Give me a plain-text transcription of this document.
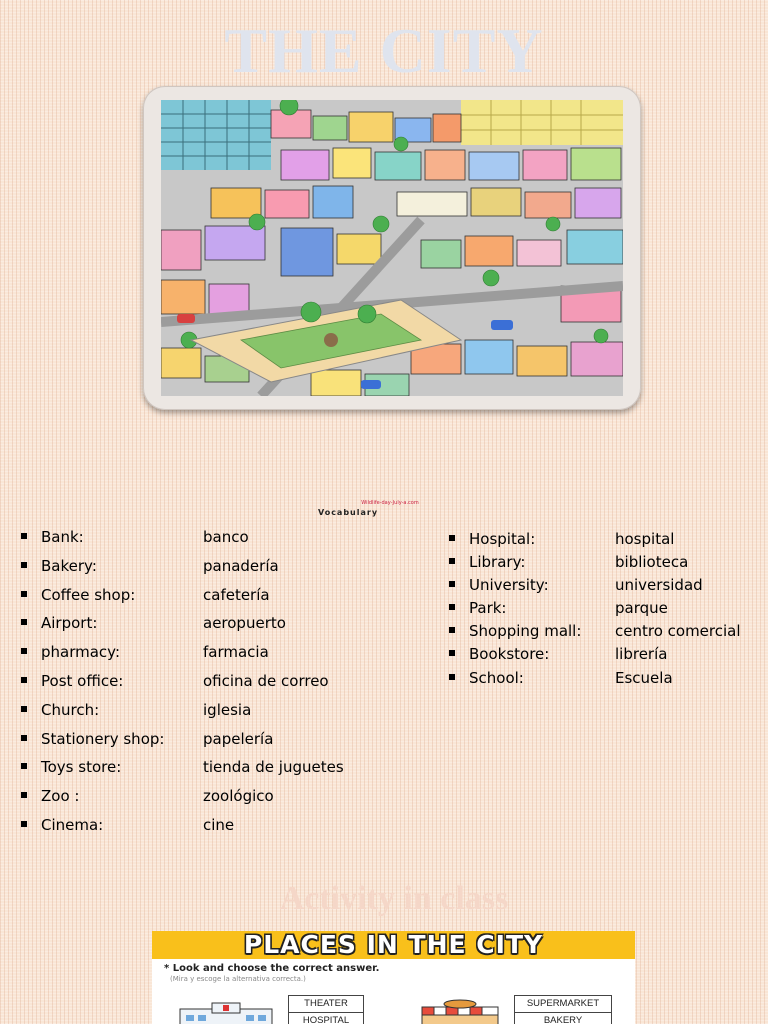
THE CITY
Wildlife-day-July-a.com
Vocabulary
Bank:	banco
Bakery:	panadería
Coffee shop:	cafetería
Airport:	aeropuerto
pharmacy:	farmacia
Post office:	oficina de correo
Church:	iglesia
Stationery shop:	papelería
Toys store:	tienda de juguetes
Zoo :	zoológico
Cinema:	cine
Hospital:	hospital
Library:	biblioteca
University:	universidad
Park:	parque
Shopping mall: centro comercial
Bookstore:	librería
School:	Escuela
Activity in class
PLACES IN THE CITY
* Look and choose the correct answer.
(Mira y escoge la alternativa correcta.)
THEATER
HOSPITAL
SUPERMARKET
BAKERY
